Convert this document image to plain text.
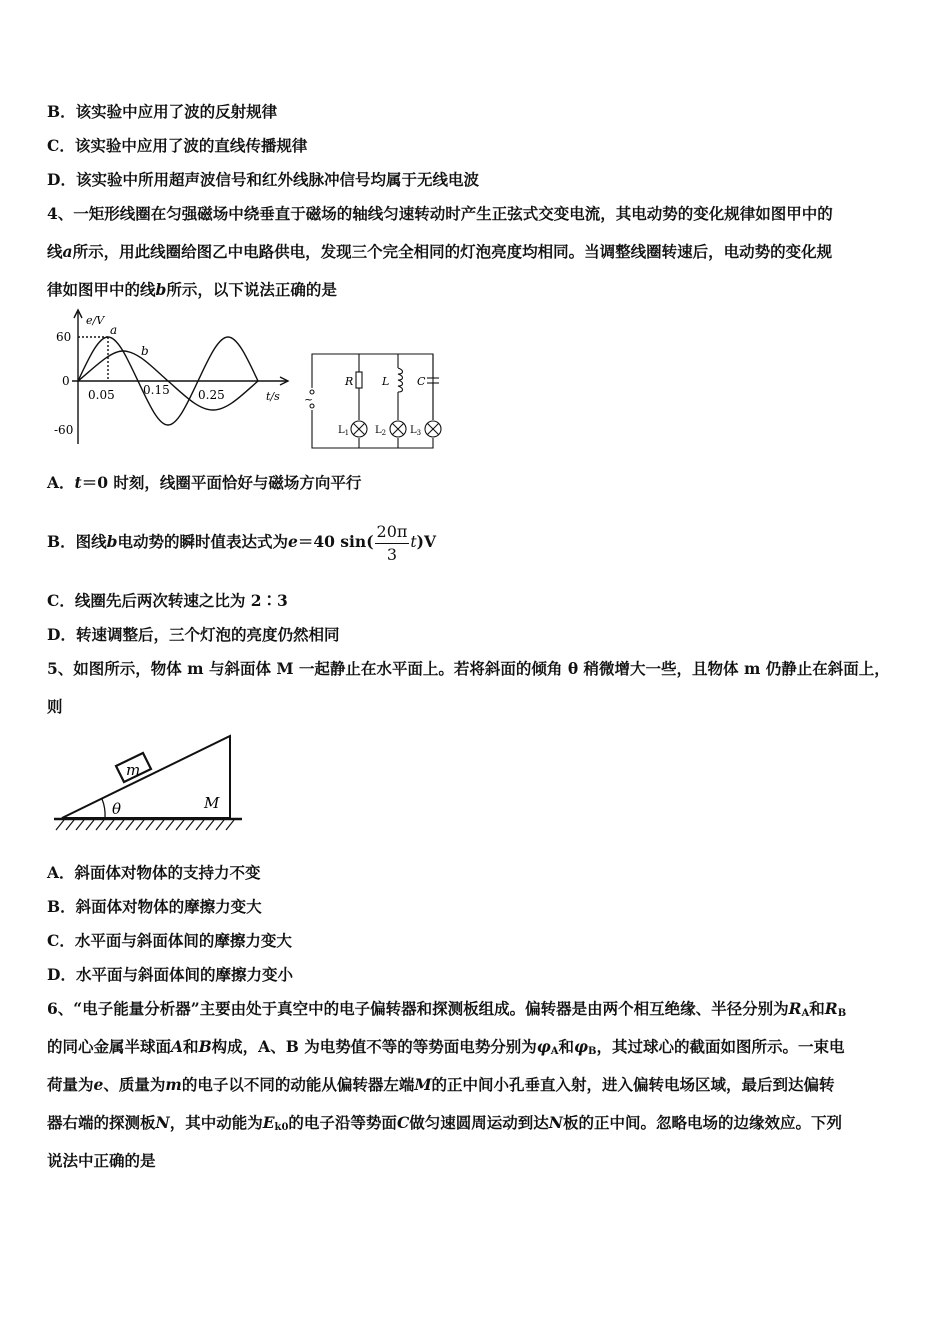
B．该实验中应用了波的反射规律
C．该实验中应用了波的直线传播规律
D．该实验中所用超声波信号和红外线脉冲信号均属于无线电波
4、一矩形线圈在匀强磁场中绕垂直于磁场的轴线匀速转动时产生正弦式交变电流，其电动势的变化规律如图甲中的
线a所示，用此线圈给图乙中电路供电，发现三个完全相同的灯泡亮度均相同。当调整线圈转速后，电动势的变化规
律如图甲中的线b所示，以下说法正确的是
e/V
60
0
-60
a
b
0.05 0.15 0.25	t/s ~
R	L	C
$L_1$	$L_2$ $L_3$
A．t＝0 时刻，线圈平面恰好与磁场方向平行
B．图线b电动势的瞬时值表达式为e＝40 $\sin( \frac{20\pi}{3} t)V$
C．线圈先后两次转速之比为 2∶3
D．转速调整后，三个灯泡的亮度仍然相同
5、如图所示，物体 m 与斜面体 M 一起静止在水平面上。若将斜面的倾角 θ 稍微增大一些，且物体 m 仍静止在斜面上，
则
m
θ	M
A．斜面体对物体的支持力不变
B．斜面体对物体的摩擦力变大
C．水平面与斜面体间的摩擦力变大
D．水平面与斜面体间的摩擦力变小
6、“电子能量分析器”主要由处于真空中的电子偏转器和探测板组成。偏转器是由两个相互绝缘、半径分别为$R_A$和$R_B$
的同心金属半球面A和B构成，A、B 为电势值不等的等势面电势分别为$\varphi_A$和$\varphi_B$，其过球心的截面如图所示。一束电
荷量为e、质量为m的电子以不同的动能从偏转器左端M的正中间小孔垂直入射，进入偏转电场区域，最后到达偏转
器右端的探测板N，其中动能为$E_{k0}$的电子沿等势面C做匀速圆周运动到达N板的正中间。忽略电场的边缘效应。下列
说法中正确的是
